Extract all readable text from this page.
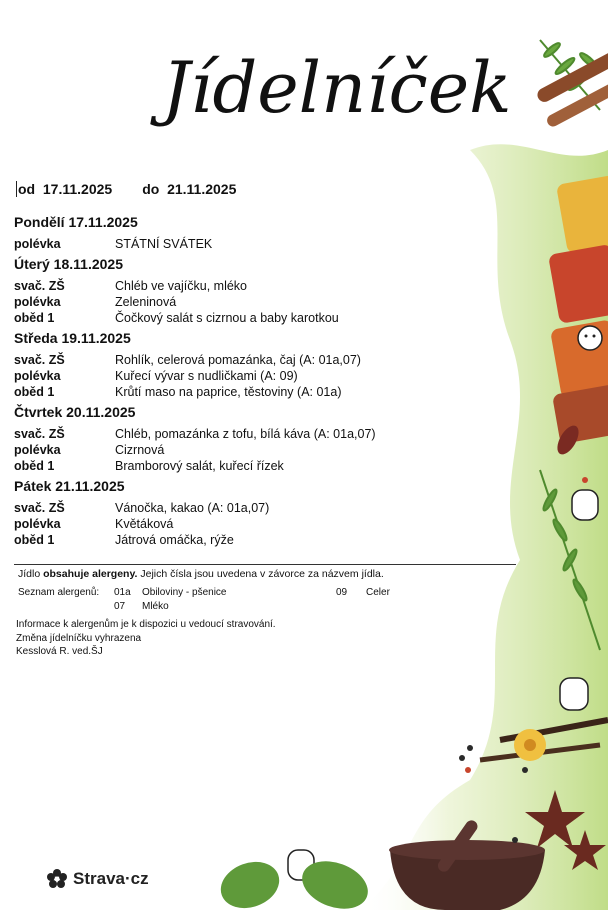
Jídelníček
od 17.11.2025 do 21.11.2025
Pondělí 17.11.2025
polévka	STÁTNÍ SVÁTEK
Úterý 18.11.2025
svač. ZŠ	Chléb ve vajíčku, mléko
polévka	Zeleninová
oběd 1	Čočkový salát s cizrnou a baby karotkou
Středa 19.11.2025
svač. ZŠ	Rohlík, celerová pomazánka, čaj (A: 01a,07)
polévka	Kuřecí vývar s nudličkami (A: 09)
oběd 1	Krůtí maso na paprice, těstoviny (A: 01a)
Čtvrtek 20.11.2025
svač. ZŠ	Chléb, pomazánka z tofu, bílá káva (A: 01a,07)
polévka	Cizrnová
oběd 1	Bramborový salát, kuřecí řízek
Pátek 21.11.2025
svač. ZŠ	Vánočka, kakao (A: 01a,07)
polévka	Květáková
oběd 1	Játrová omáčka, rýže
Jídlo obsahuje alergeny. Jejich čísla jsou uvedena v závorce za názvem jídla.
Seznam alergenů: 01a Obiloviny - pšenice	09 Celer
07 Mléko
Informace k alergenům je k dispozici u vedoucí stravování.
Změna jídelníčku vyhrazena
Kesslová R. ved.ŠJ
Strava·cz
